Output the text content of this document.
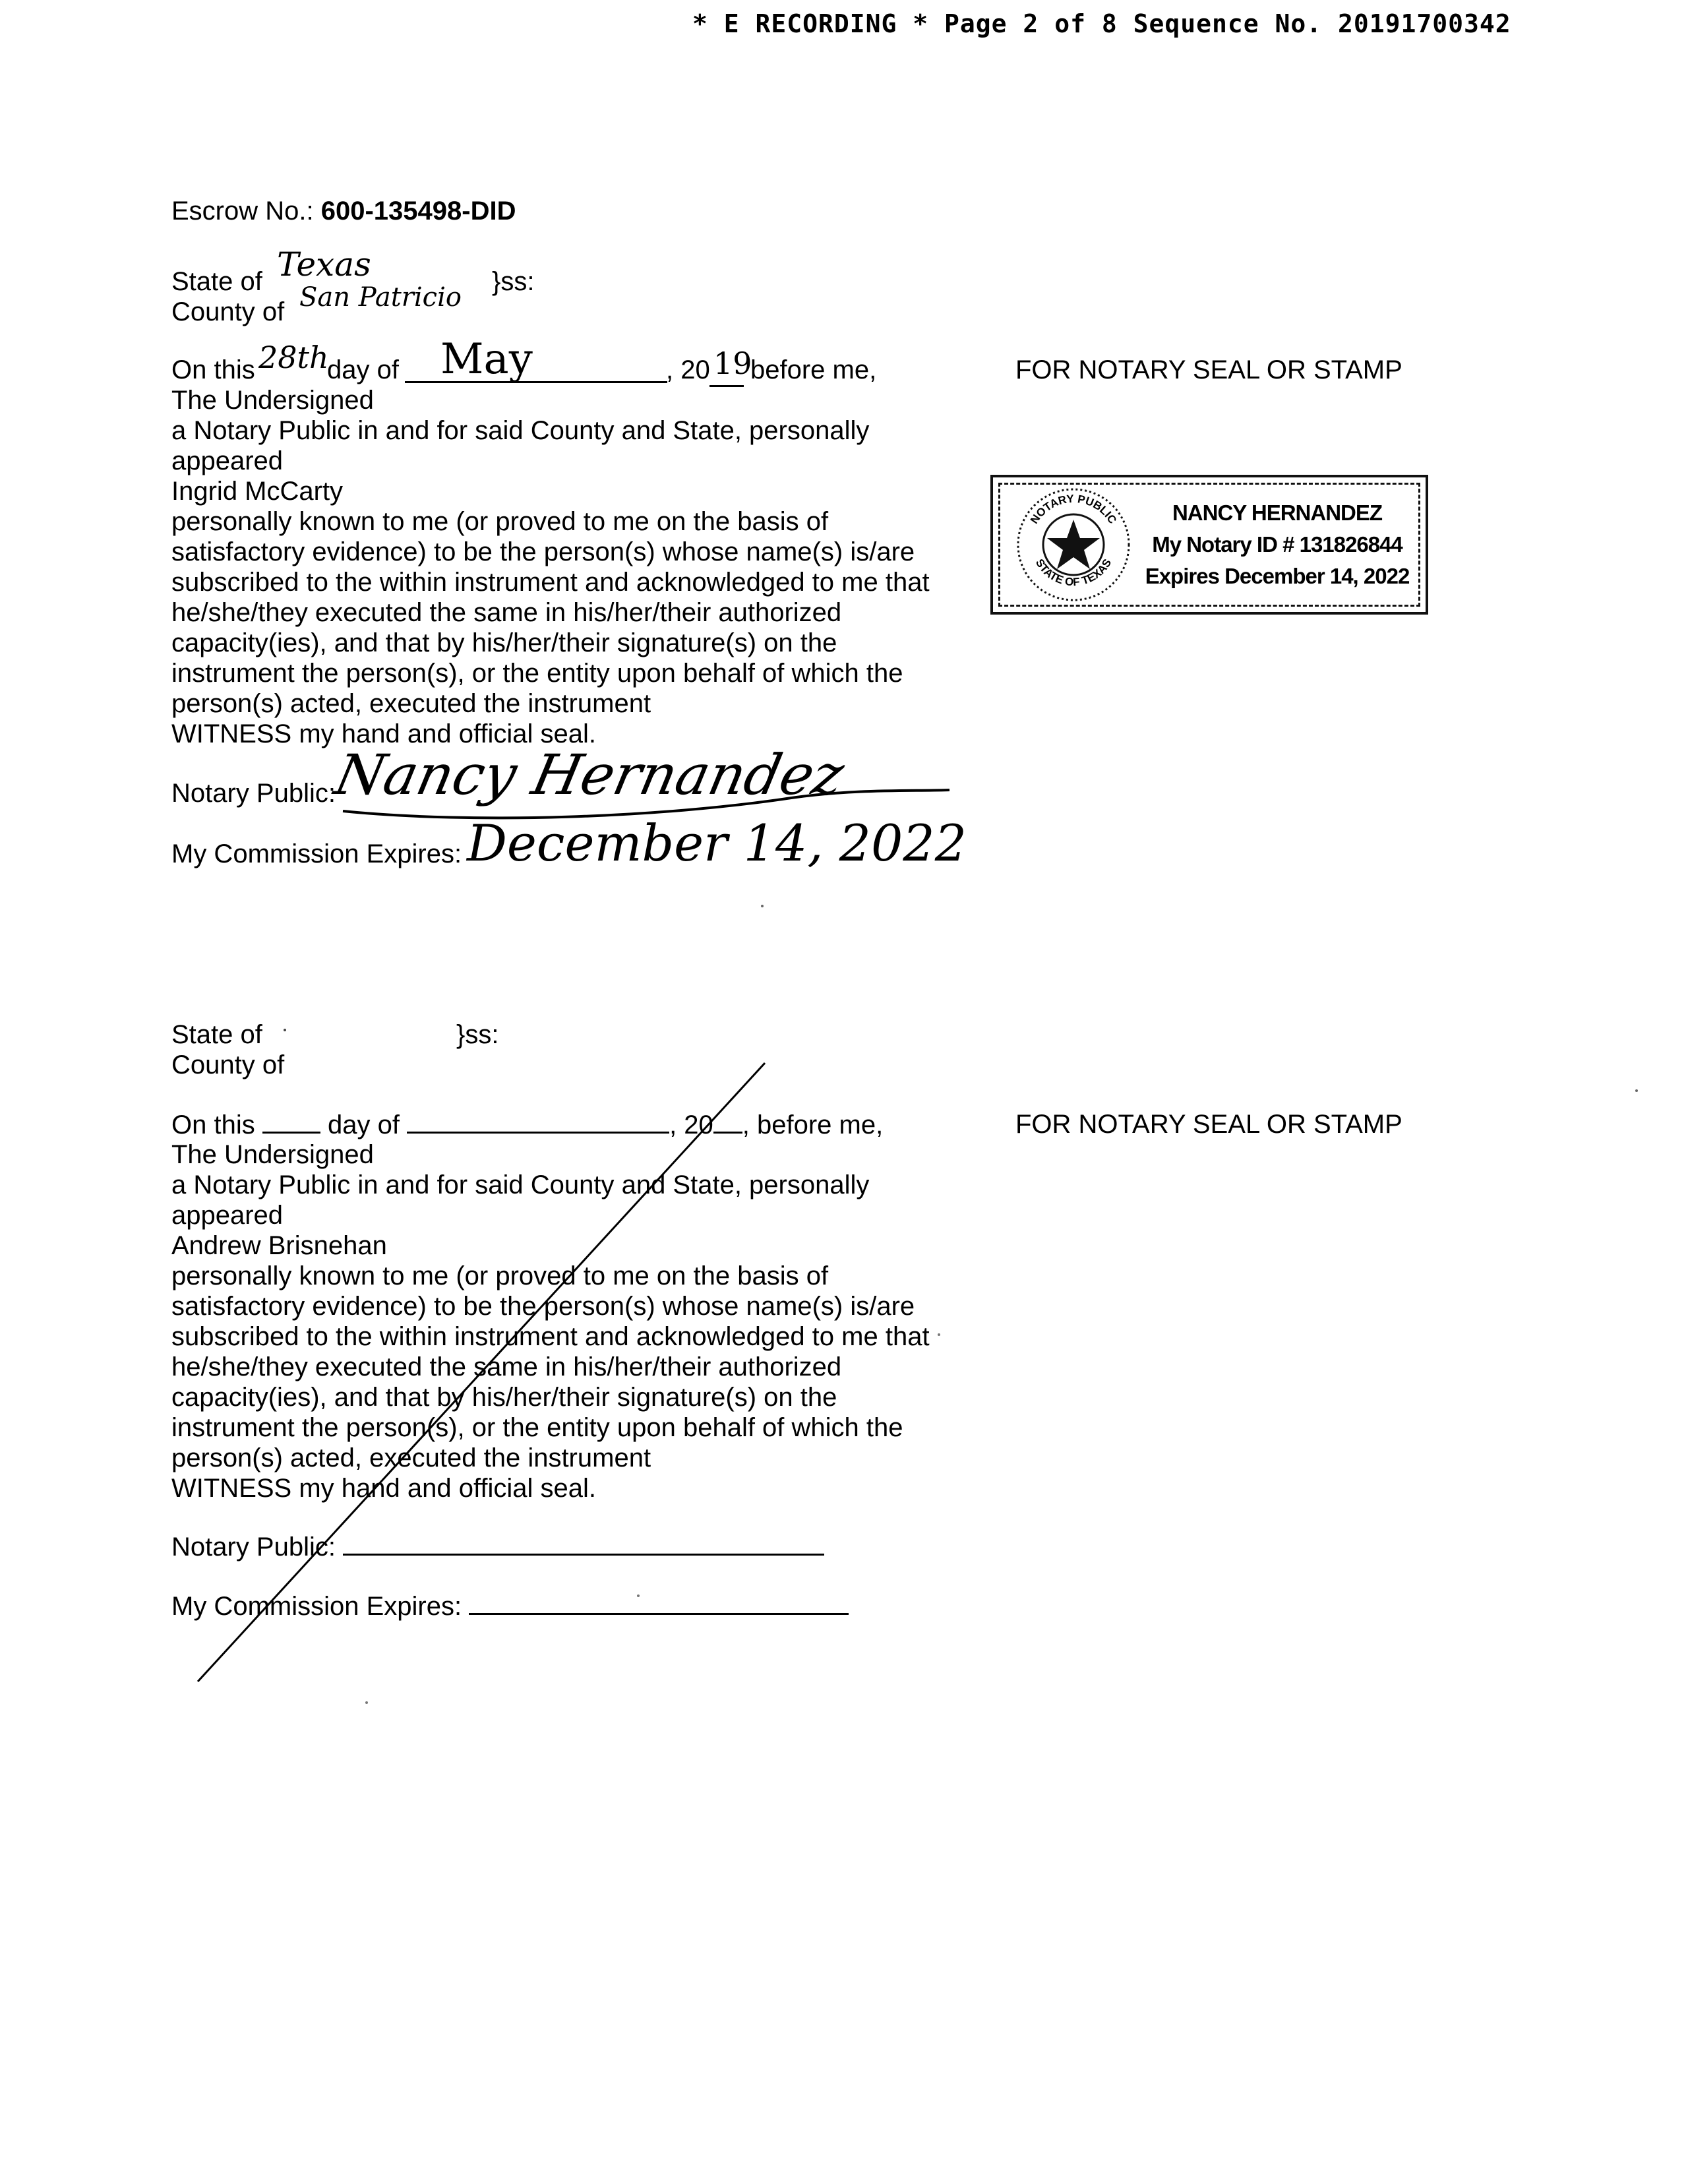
* E RECORDING * Page 2 of 8 Sequence No. 20191700342
Escrow No.: 600-135498-DID
State of Texas
County of San Patricio
}ss:
On this 28th
day of May	, 20 19
before me,
The Undersigned
a Notary Public in and for said County and State, personally
appeared
Ingrid McCarty
personally known to me (or proved to me on the basis of
satisfactory evidence) to be the person(s) whose name(s) is/are
subscribed to the within instrument and acknowledged to me that
he/she/they executed the same in his/her/their authorized
capacity(ies), and that by his/her/their signature(s) on the
instrument the person(s), or the entity upon behalf of which the
person(s) acted, executed the instrument
WITNESS my hand and official seal.
Notary Public:
Nancy Hernandez
My Commission Expires: December 14, 2022
FOR NOTARY SEAL OR STAMP
NOTARY PUBLIC
STATE OF TEXAS
NANCY HERNANDEZ
My Notary ID # 131826844
Expires December 14, 2022
State of	}ss:
County of
On this	day of	, 20 , before me,
The Undersigned
a Notary Public in and for said County and State, personally
appeared
Andrew Brisnehan
personally known to me (or proved to me on the basis of
satisfactory evidence) to be the person(s) whose name(s) is/are
subscribed to the within instrument and acknowledged to me that
he/she/they executed the same in his/her/their authorized
capacity(ies), and that by his/her/their signature(s) on the
instrument the person(s), or the entity upon behalf of which the
person(s) acted, executed the instrument
WITNESS my hand and official seal.
Notary Public:
My Commission Expires:
FOR NOTARY SEAL OR STAMP
